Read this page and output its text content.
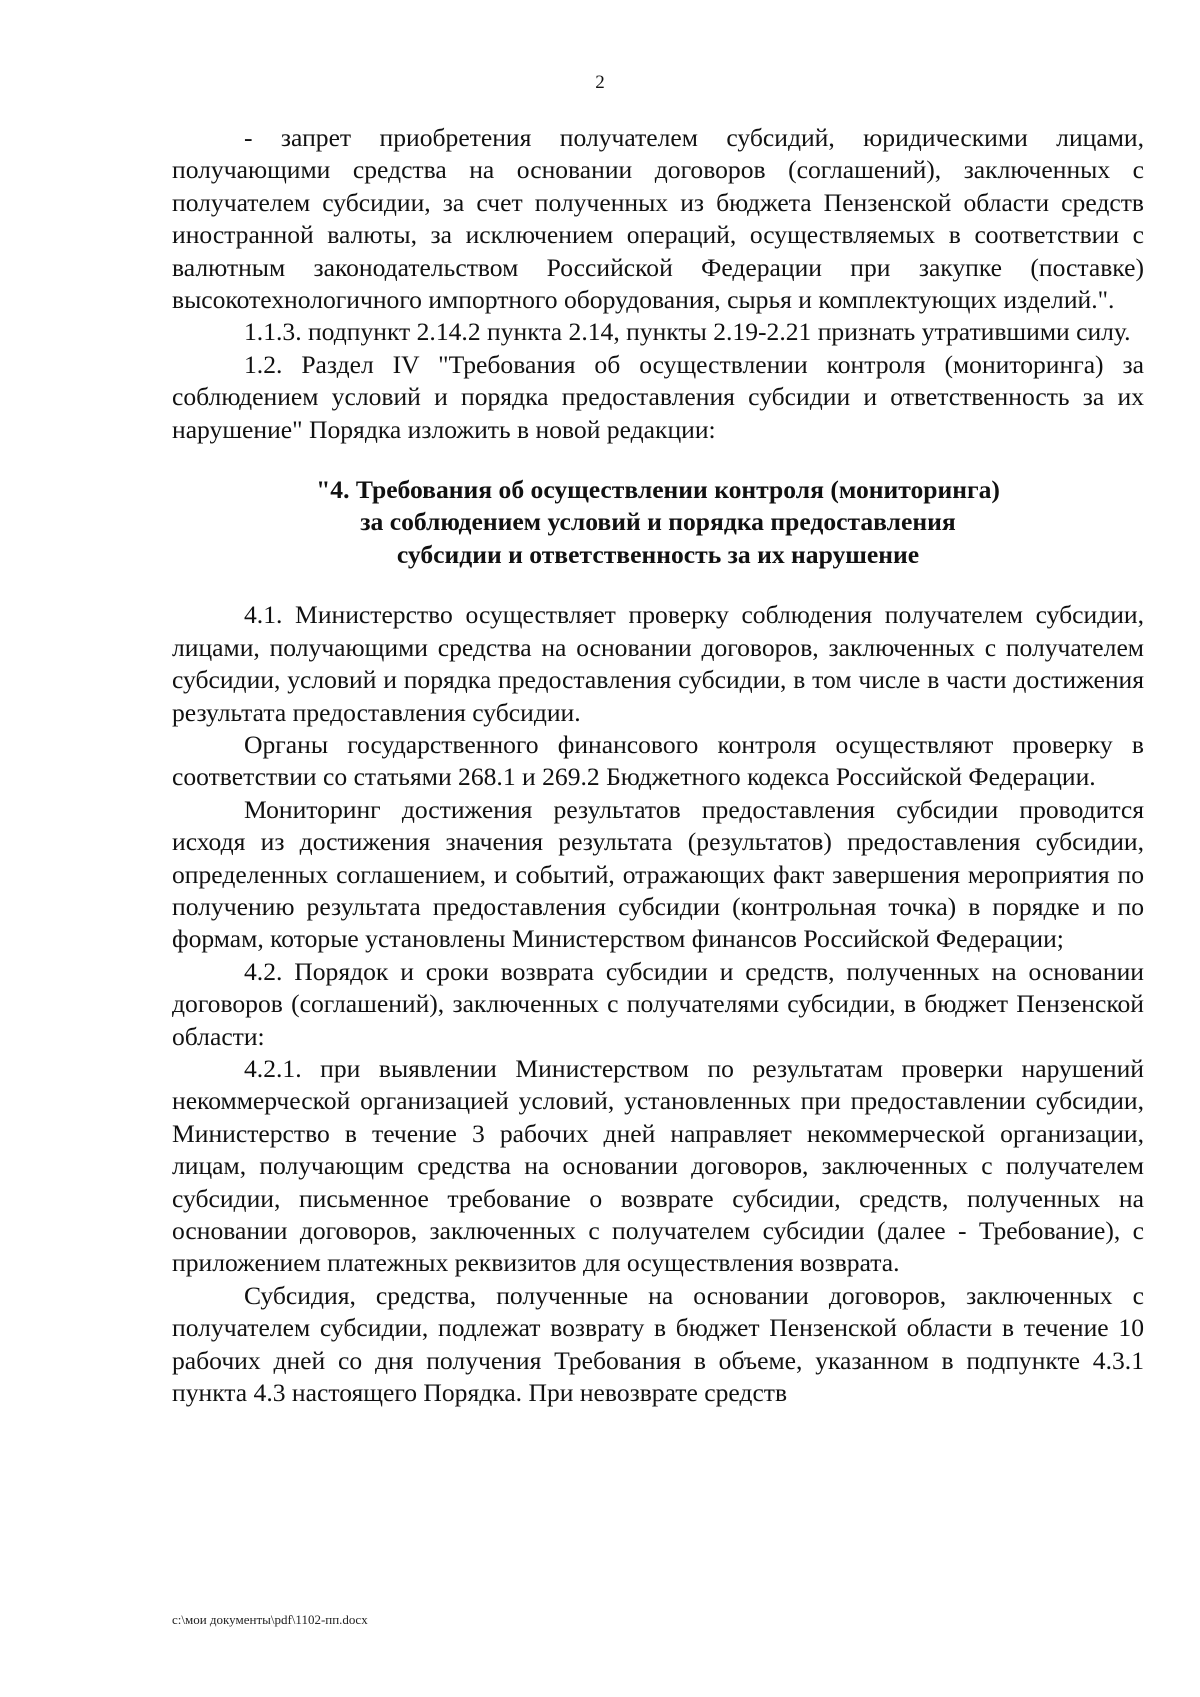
2

- запрет приобретения получателем субсидий, юридическими лицами, получающими средства на основании договоров (соглашений), заключенных с получателем субсидии, за счет полученных из бюджета Пензенской области средств иностранной валюты, за исключением операций, осуществляемых в соответствии с валютным законодательством Российской Федерации при закупке (поставке) высокотехнологичного импортного оборудования, сырья и комплектующих изделий.".

1.1.3. подпункт 2.14.2 пункта 2.14, пункты 2.19-2.21 признать утратившими силу.

1.2. Раздел IV "Требования об осуществлении контроля (мониторинга) за соблюдением условий и порядка предоставления субсидии и ответственность за их нарушение" Порядка изложить в новой редакции:

"4. Требования об осуществлении контроля (мониторинга)
за соблюдением условий и порядка предоставления
субсидии и ответственность за их нарушение

4.1. Министерство осуществляет проверку соблюдения получателем субсидии, лицами, получающими средства на основании договоров, заключенных с получателем субсидии, условий и порядка предоставления субсидии, в том числе в части достижения результата предоставления субсидии.

Органы государственного финансового контроля осуществляют проверку в соответствии со статьями 268.1 и 269.2 Бюджетного кодекса Российской Федерации.

Мониторинг достижения результатов предоставления субсидии проводится исходя из достижения значения результата (результатов) предоставления субсидии, определенных соглашением, и событий, отражающих факт завершения мероприятия по получению результата предоставления субсидии (контрольная точка) в порядке и по формам, которые установлены Министерством финансов Российской Федерации;

4.2. Порядок и сроки возврата субсидии и средств, полученных на основании договоров (соглашений), заключенных с получателями субсидии, в бюджет Пензенской области:

4.2.1. при выявлении Министерством по результатам проверки нарушений некоммерческой организацией условий, установленных при предоставлении субсидии, Министерство в течение 3 рабочих дней направляет некоммерческой организации, лицам, получающим средства на основании договоров, заключенных с получателем субсидии, письменное требование о возврате субсидии, средств, полученных на основании договоров, заключенных с получателем субсидии (далее - Требование), с приложением платежных реквизитов для осуществления возврата.

Субсидия, средства, полученные на основании договоров, заключенных с получателем субсидии, подлежат возврату в бюджет Пензенской области в течение 10 рабочих дней со дня получения Требования в объеме, указанном в подпункте 4.3.1 пункта 4.3 настоящего Порядка. При невозврате средств

c:\мои документы\pdf\1102-пп.docx
